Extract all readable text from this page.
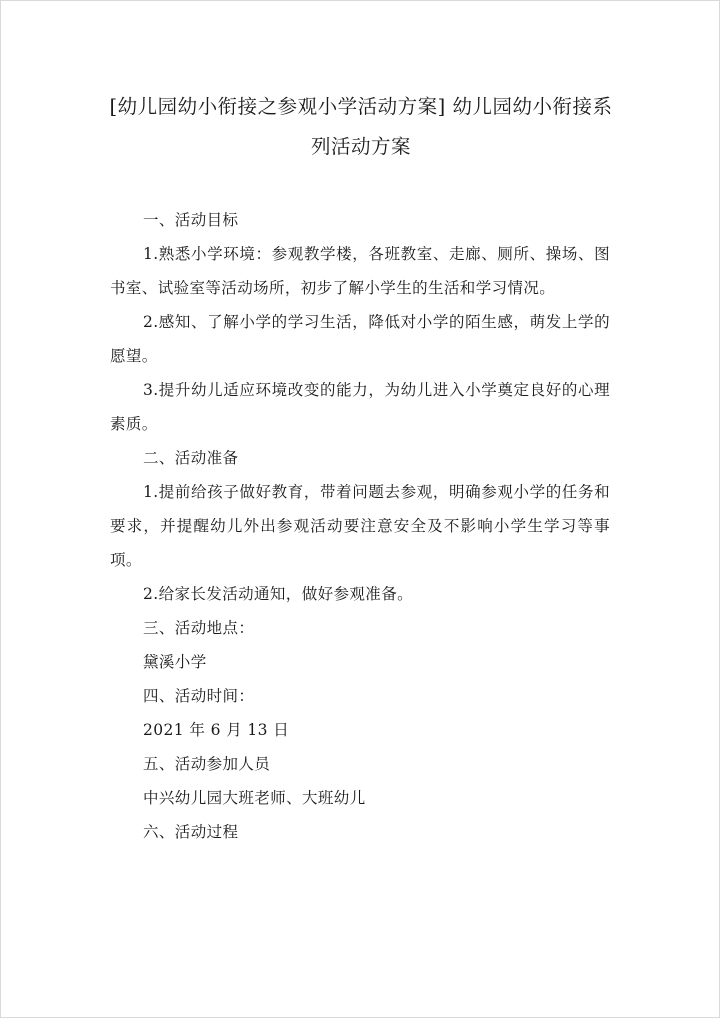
[幼儿园幼小衔接之参观小学活动方案] 幼儿园幼小衔接系列活动方案

一、活动目标

1.熟悉小学环境：参观教学楼，各班教室、走廊、厕所、操场、图书室、试验室等活动场所，初步了解小学生的生活和学习情况。

2.感知、了解小学的学习生活，降低对小学的陌生感，萌发上学的愿望。

3.提升幼儿适应环境改变的能力，为幼儿进入小学奠定良好的心理素质。

二、活动准备

1.提前给孩子做好教育，带着问题去参观，明确参观小学的任务和要求，并提醒幼儿外出参观活动要注意安全及不影响小学生学习等事项。

2.给家长发活动通知，做好参观准备。

三、活动地点：

黛溪小学

四、活动时间：

2021 年 6 月 13 日

五、活动参加人员

中兴幼儿园大班老师、大班幼儿

六、活动过程
